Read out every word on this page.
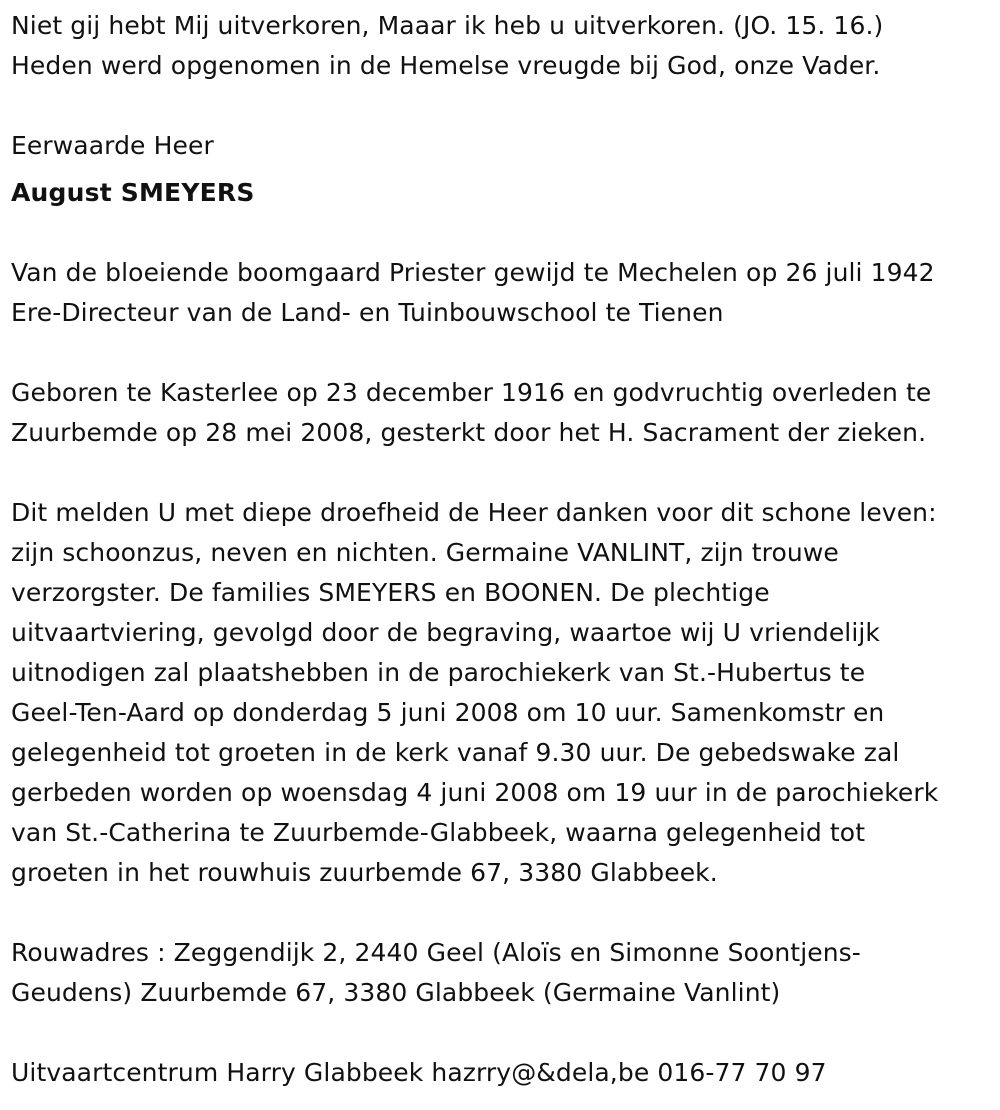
Niet gij hebt Mij uitverkoren, Maaar ik heb u uitverkoren. (JO. 15. 16.)
Heden werd opgenomen in de Hemelse vreugde bij God, onze Vader.
Eerwaarde Heer
August SMEYERS
Van de bloeiende boomgaard Priester gewijd te Mechelen op 26 juli 1942
Ere-Directeur van de Land- en Tuinbouwschool te Tienen
Geboren te Kasterlee op 23 december 1916 en godvruchtig overleden te
Zuurbemde op 28 mei 2008, gesterkt door het H. Sacrament der zieken.
Dit melden U met diepe droefheid de Heer danken voor dit schone leven:
zijn schoonzus, neven en nichten. Germaine VANLINT, zijn trouwe
verzorgster. De families SMEYERS en BOONEN. De plechtige
uitvaartviering, gevolgd door de begraving, waartoe wij U vriendelijk
uitnodigen zal plaatshebben in de parochiekerk van St.-Hubertus te
Geel-Ten-Aard op donderdag 5 juni 2008 om 10 uur. Samenkomstr en
gelegenheid tot groeten in de kerk vanaf 9.30 uur. De gebedswake zal
gerbeden worden op woensdag 4 juni 2008 om 19 uur in de parochiekerk
van St.-Catherina te Zuurbemde-Glabbeek, waarna gelegenheid tot
groeten in het rouwhuis zuurbemde 67, 3380 Glabbeek.
Rouwadres : Zeggendijk 2, 2440 Geel (Aloïs en Simonne Soontjens-
Geudens) Zuurbemde 67, 3380 Glabbeek (Germaine Vanlint)
Uitvaartcentrum Harry Glabbeek hazrry@&dela,be 016-77 70 97
